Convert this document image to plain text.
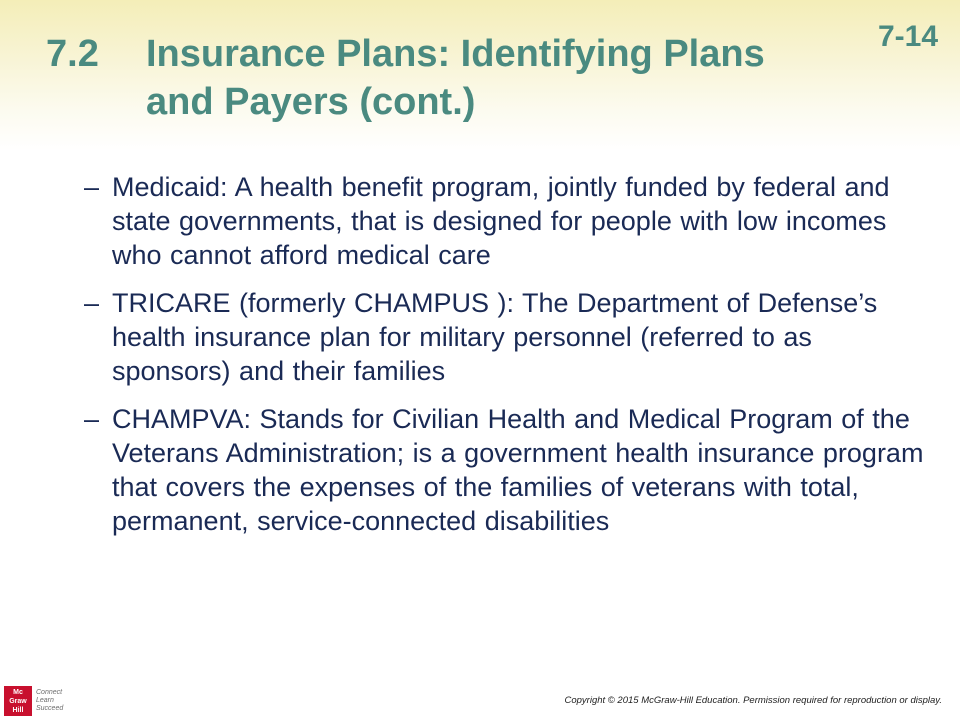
7-14
7.2	Insurance Plans: Identifying Plans
and Payers (cont.)
– Medicaid: A health benefit program, jointly funded by federal and state governments, that is designed for people with low incomes who cannot afford medical care
– TRICARE (formerly CHAMPUS ): The Department of Defense’s health insurance plan for military personnel (referred to as sponsors) and their families
– CHAMPVA: Stands for Civilian Health and Medical Program of the Veterans Administration; is a government health insurance program that covers the expenses of the families of veterans with total, permanent, service-connected disabilities
Mc Graw Hill
Connect
Learn
Succeed
Copyright © 2015 McGraw-Hill Education. Permission required for reproduction or display.
